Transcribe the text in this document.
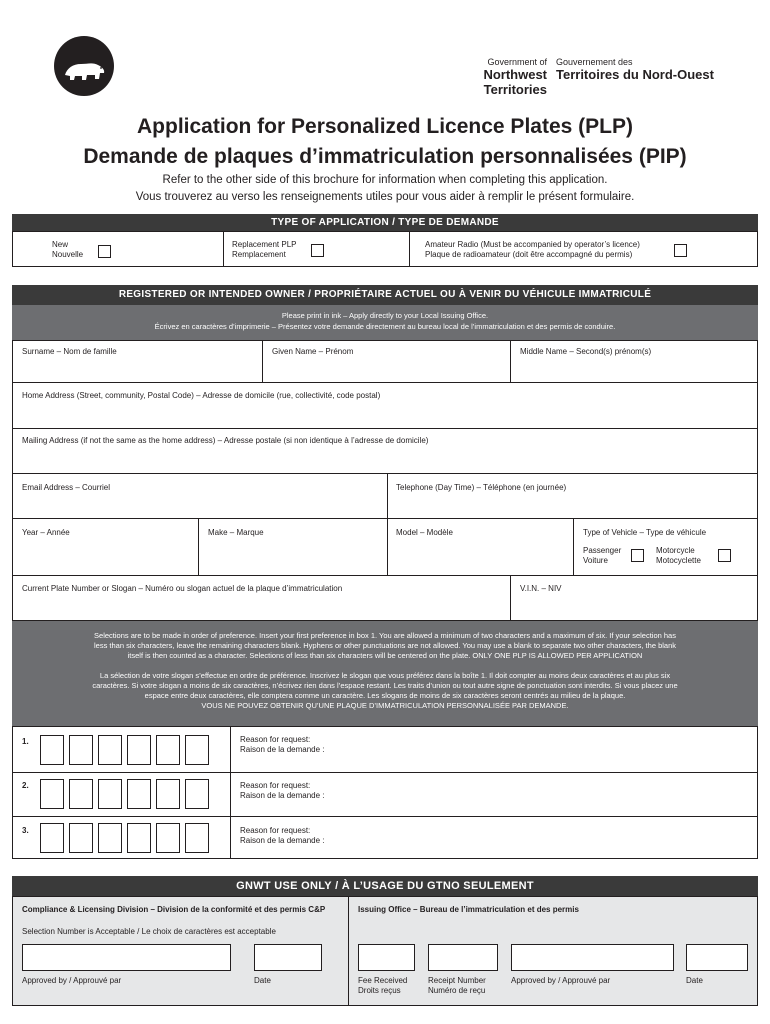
Government of
Northwest Territories
Gouvernement des
Territoires du Nord-Ouest
Application for Personalized Licence Plates (PLP)
Demande de plaques d’immatriculation personnalisées (PIP)
Refer to the other side of this brochure for information when completing this application.
Vous trouverez au verso les renseignements utiles pour vous aider à remplir le présent formulaire.
TYPE OF APPLICATION / TYPE DE DEMANDE
New
Nouvelle
Replacement PLP
Remplacement
Amateur Radio (Must be accompanied by operator’s licence)
Plaque de radioamateur (doit être accompagné du permis)
REGISTERED OR INTENDED OWNER / PROPRIÉTAIRE ACTUEL OU À VENIR DU VÉHICULE IMMATRICULÉ
Please print in ink – Apply directly to your Local Issuing Office.
Écrivez en caractères d’imprimerie – Présentez votre demande directement au bureau local de l’immatriculation et des permis de conduire.
Surname – Nom de famille	Given Name – Prénom	Middle Name – Second(s) prénom(s)
Home Address (Street, community, Postal Code) – Adresse de domicile (rue, collectivité, code postal)
Mailing Address (if not the same as the home address) – Adresse postale (si non identique à l’adresse de domicile)
Email Address – Courriel	Telephone (Day Time) – Téléphone (en journée)
Year – Année	Make – Marque	Model – Modèle	Type of Vehicle – Type de véhicule
Passenger
Voiture
Motorcycle
Motocyclette
Current Plate Number or Slogan – Numéro ou slogan actuel de la plaque d’immatriculation	V.I.N. – NIV
Selections are to be made in order of preference. Insert your first preference in box 1. You are allowed a minimum of two characters and a maximum of six. If your selection has
less than six characters, leave the remaining characters blank. Hyphens or other punctuations are not allowed. You may use a blank to separate two other characters, the blank
itself is then counted as a character. Selections of less than six characters will be centered on the plate. ONLY ONE PLP IS ALLOWED PER APPLICATION
La sélection de votre slogan s’effectue en ordre de préférence. Inscrivez le slogan que vous préférez dans la boîte 1. Il doit compter au moins deux caractères et au plus six
caractères. Si votre slogan a moins de six caractères, n’écrivez rien dans l’espace restant. Les traits d’union ou tout autre signe de ponctuation sont interdits. Si vous placez une
espace entre deux caractères, elle comptera comme un caractère. Les slogans de moins de six caractères seront centrés au milieu de la plaque.
VOUS NE POUVEZ OBTENIR QU’UNE PLAQUE D’IMMATRICULATION PERSONNALISÉE PAR DEMANDE.
1.	Reason for request:
Raison de la demande :
2.	Reason for request:
Raison de la demande :
3.	Reason for request:
Raison de la demande :
GNWT USE ONLY / À L’USAGE DU GTNO SEULEMENT
Compliance & Licensing Division – Division de la conformité et des permis C&P
Selection Number is Acceptable / Le choix de caractères est acceptable
Approved by / Approuvé par	Date
Issuing Office – Bureau de l’immatriculation et des permis
Fee Received
Droits reçus
Receipt Number
Numéro de reçu
Approved by / Approuvé par	Date
